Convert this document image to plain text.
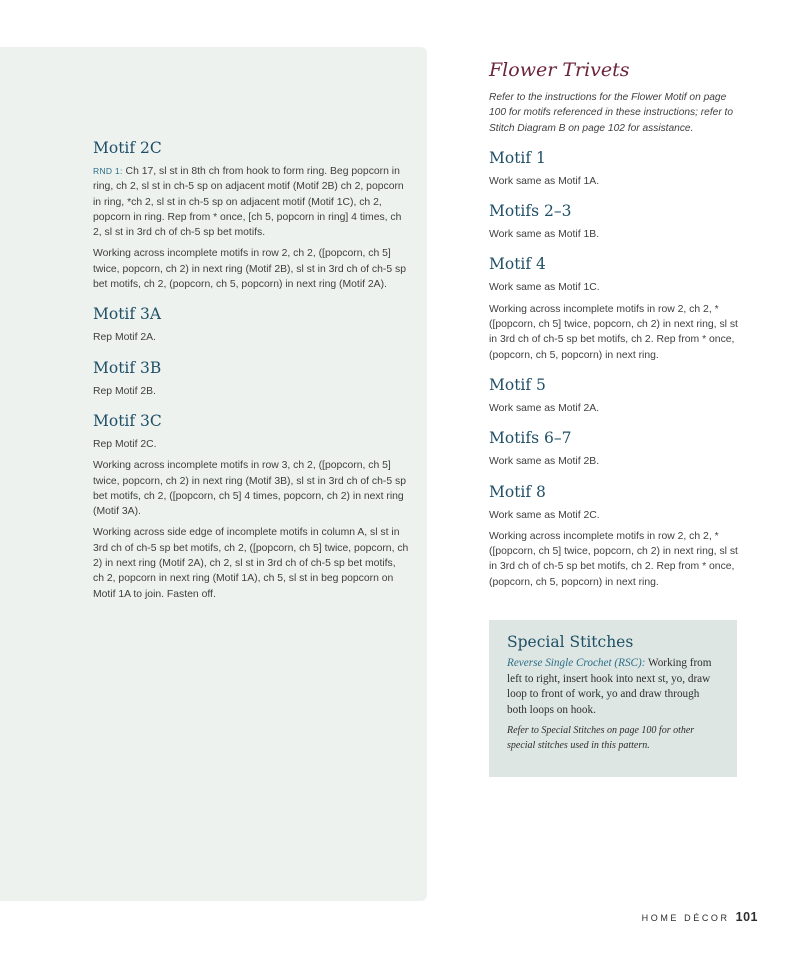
Motif 2C

RND 1: Ch 17, sl st in 8th ch from hook to form ring. Beg popcorn in ring, ch 2, sl st in ch-5 sp on adjacent motif (Motif 2B) ch 2, popcorn in ring, *ch 2, sl st in ch-5 sp on adjacent motif (Motif 1C), ch 2, popcorn in ring. Rep from * once, [ch 5, popcorn in ring] 4 times, ch 2, sl st in 3rd ch of ch-5 sp bet motifs.

Working across incomplete motifs in row 2, ch 2, ([popcorn, ch 5] twice, popcorn, ch 2) in next ring (Motif 2B), sl st in 3rd ch of ch-5 sp bet motifs, ch 2, (popcorn, ch 5, popcorn) in next ring (Motif 2A).

Motif 3A

Rep Motif 2A.

Motif 3B

Rep Motif 2B.

Motif 3C

Rep Motif 2C.

Working across incomplete motifs in row 3, ch 2, ([popcorn, ch 5] twice, popcorn, ch 2) in next ring (Motif 3B), sl st in 3rd ch of ch-5 sp bet motifs, ch 2, ([popcorn, ch 5] 4 times, popcorn, ch 2) in next ring (Motif 3A).

Working across side edge of incomplete motifs in column A, sl st in 3rd ch of ch-5 sp bet motifs, ch 2, ([popcorn, ch 5] twice, popcorn, ch 2) in next ring (Motif 2A), ch 2, sl st in 3rd ch of ch-5 sp bet motifs, ch 2, popcorn in next ring (Motif 1A), ch 5, sl st in beg popcorn on Motif 1A to join. Fasten off.

Flower Trivets

Refer to the instructions for the Flower Motif on page 100 for motifs referenced in these instructions; refer to Stitch Diagram B on page 102 for assistance.

Motif 1

Work same as Motif 1A.

Motifs 2–3

Work same as Motif 1B.

Motif 4

Work same as Motif 1C.

Working across incomplete motifs in row 2, ch 2, *([popcorn, ch 5] twice, popcorn, ch 2) in next ring, sl st in 3rd ch of ch-5 sp bet motifs, ch 2. Rep from * once, (popcorn, ch 5, popcorn) in next ring.

Motif 5

Work same as Motif 2A.

Motifs 6–7

Work same as Motif 2B.

Motif 8

Work same as Motif 2C.

Working across incomplete motifs in row 2, ch 2, *([popcorn, ch 5] twice, popcorn, ch 2) in next ring, sl st in 3rd ch of ch-5 sp bet motifs, ch 2. Rep from * once, (popcorn, ch 5, popcorn) in next ring.

Special Stitches

Reverse Single Crochet (RSC): Working from left to right, insert hook into next st, yo, draw loop to front of work, yo and draw through both loops on hook.

Refer to Special Stitches on page 100 for other special stitches used in this pattern.

HOME DÉCOR 101
